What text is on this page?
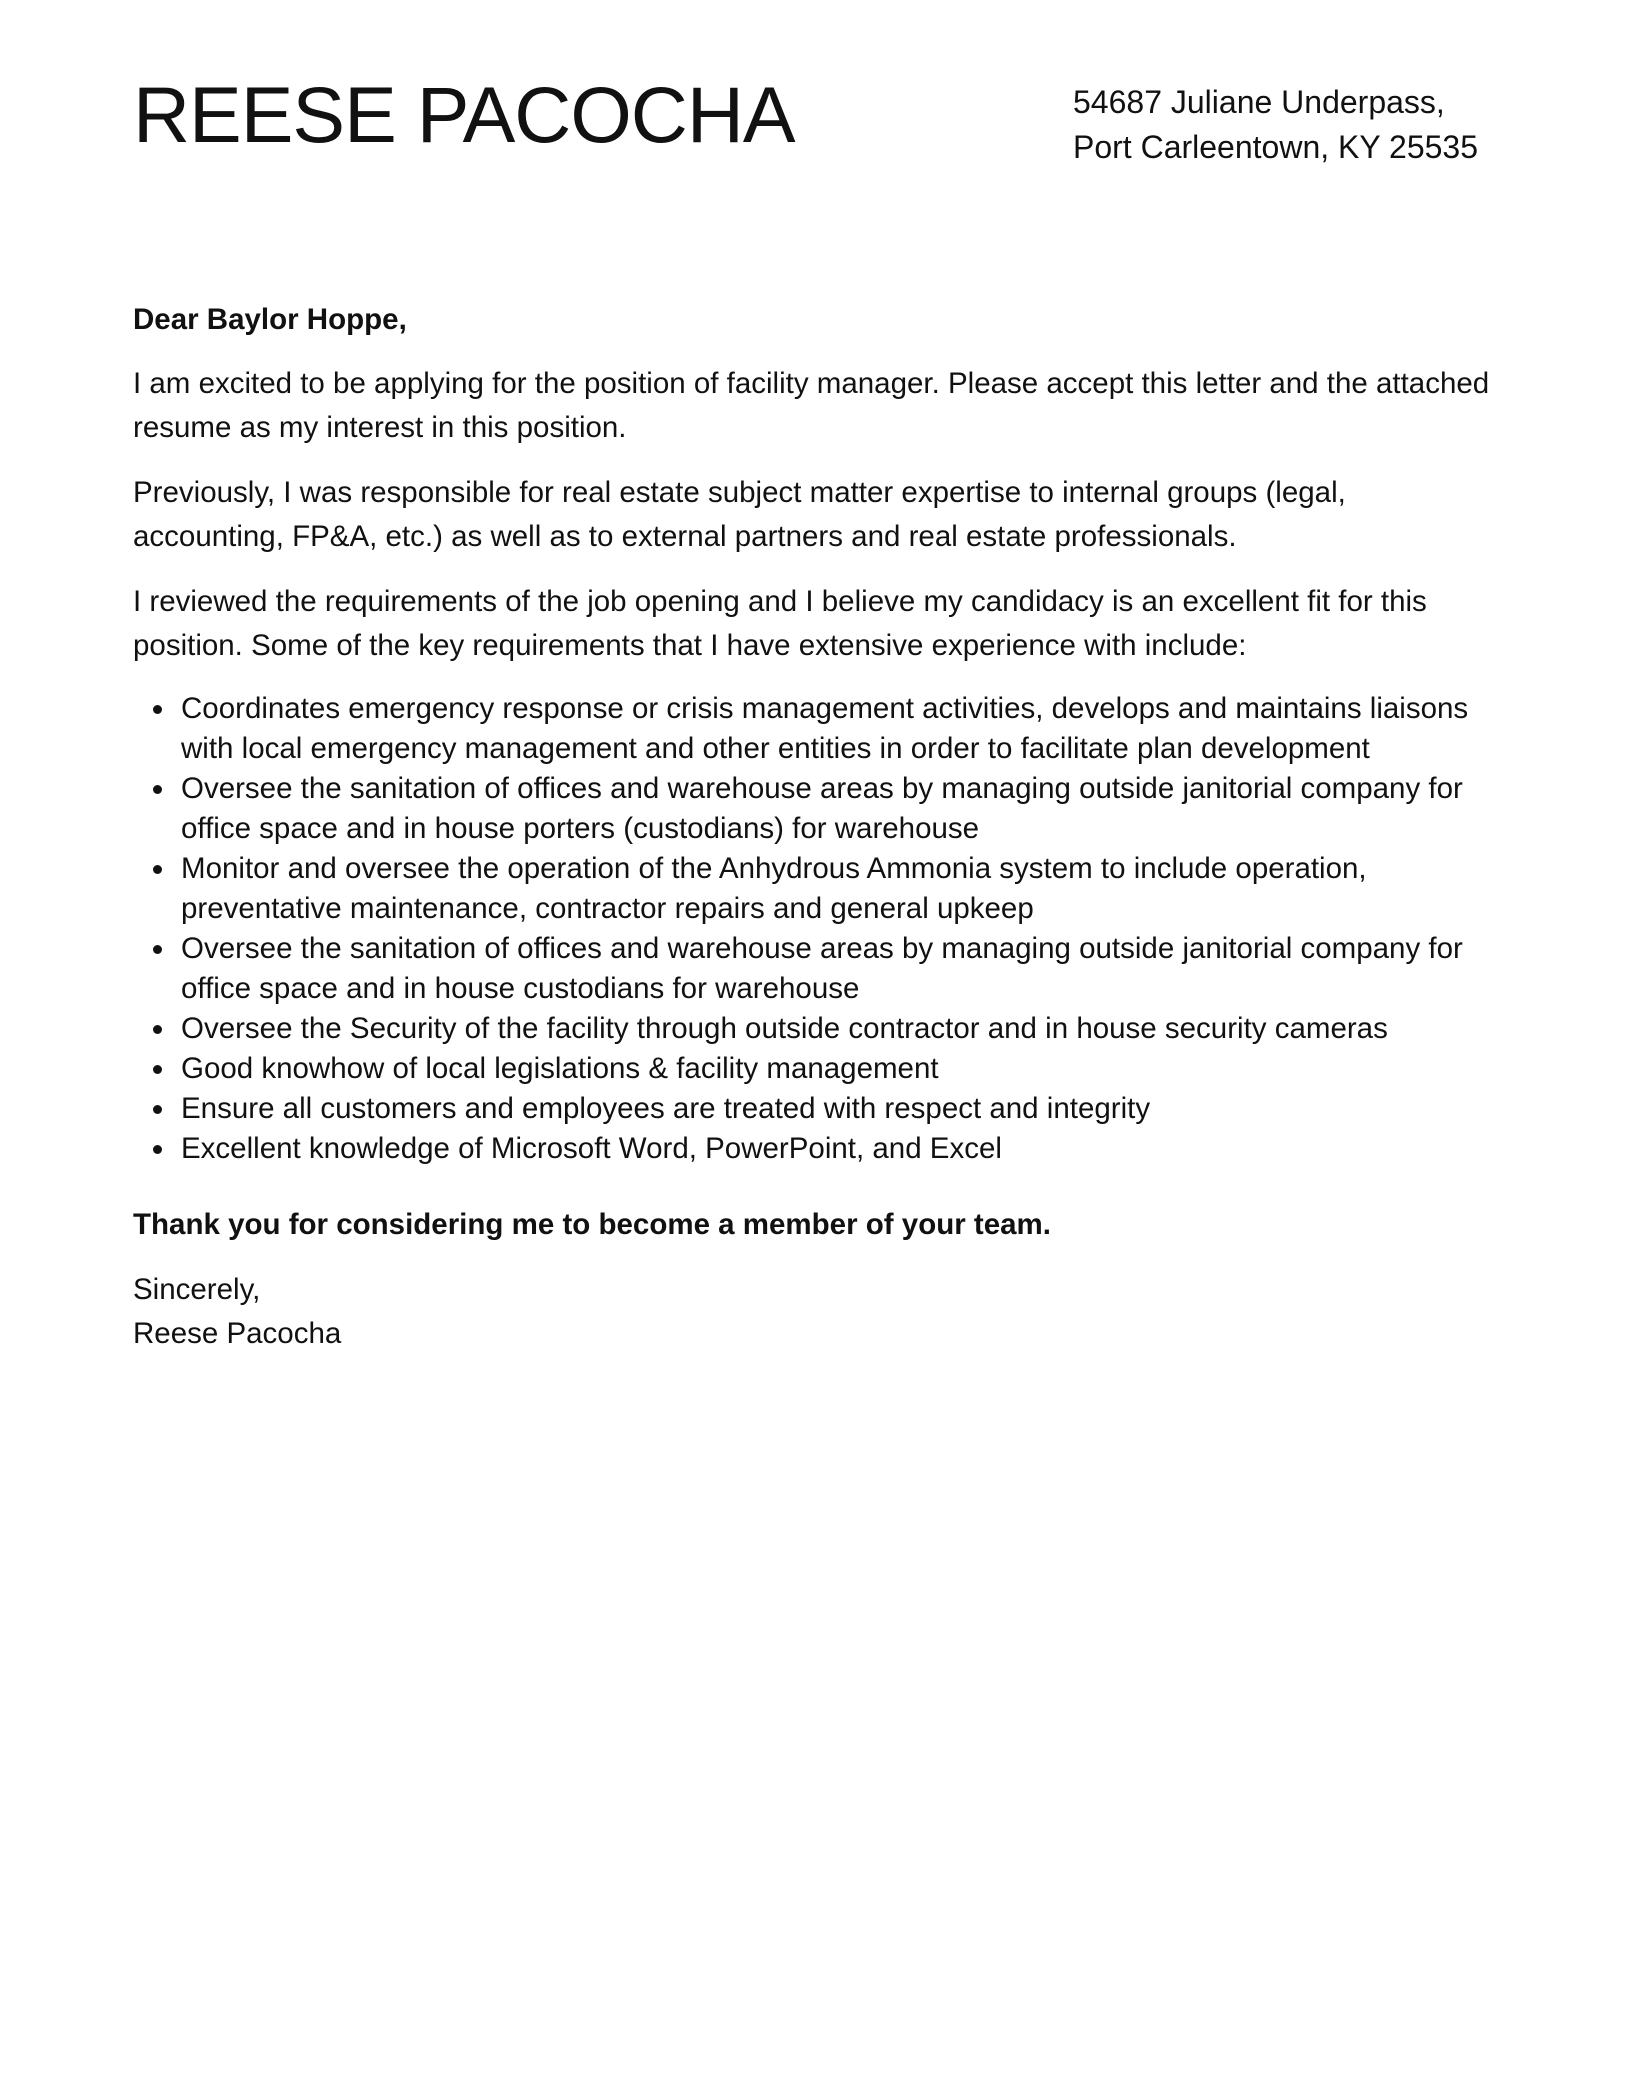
REESE PACOCHA	54687 Juliane Underpass,
Port Carleentown, KY 25535

Dear Baylor Hoppe,

I am excited to be applying for the position of facility manager. Please accept this letter and the attached resume as my interest in this position.

Previously, I was responsible for real estate subject matter expertise to internal groups (legal, accounting, FP&A, etc.) as well as to external partners and real estate professionals.

I reviewed the requirements of the job opening and I believe my candidacy is an excellent fit for this position. Some of the key requirements that I have extensive experience with include:

Coordinates emergency response or crisis management activities, develops and maintains liaisons with local emergency management and other entities in order to facilitate plan development
Oversee the sanitation of offices and warehouse areas by managing outside janitorial company for office space and in house porters (custodians) for warehouse
Monitor and oversee the operation of the Anhydrous Ammonia system to include operation, preventative maintenance, contractor repairs and general upkeep
Oversee the sanitation of offices and warehouse areas by managing outside janitorial company for office space and in house custodians for warehouse
Oversee the Security of the facility through outside contractor and in house security cameras
Good knowhow of local legislations & facility management
Ensure all customers and employees are treated with respect and integrity
Excellent knowledge of Microsoft Word, PowerPoint, and Excel

Thank you for considering me to become a member of your team.

Sincerely,
Reese Pacocha
